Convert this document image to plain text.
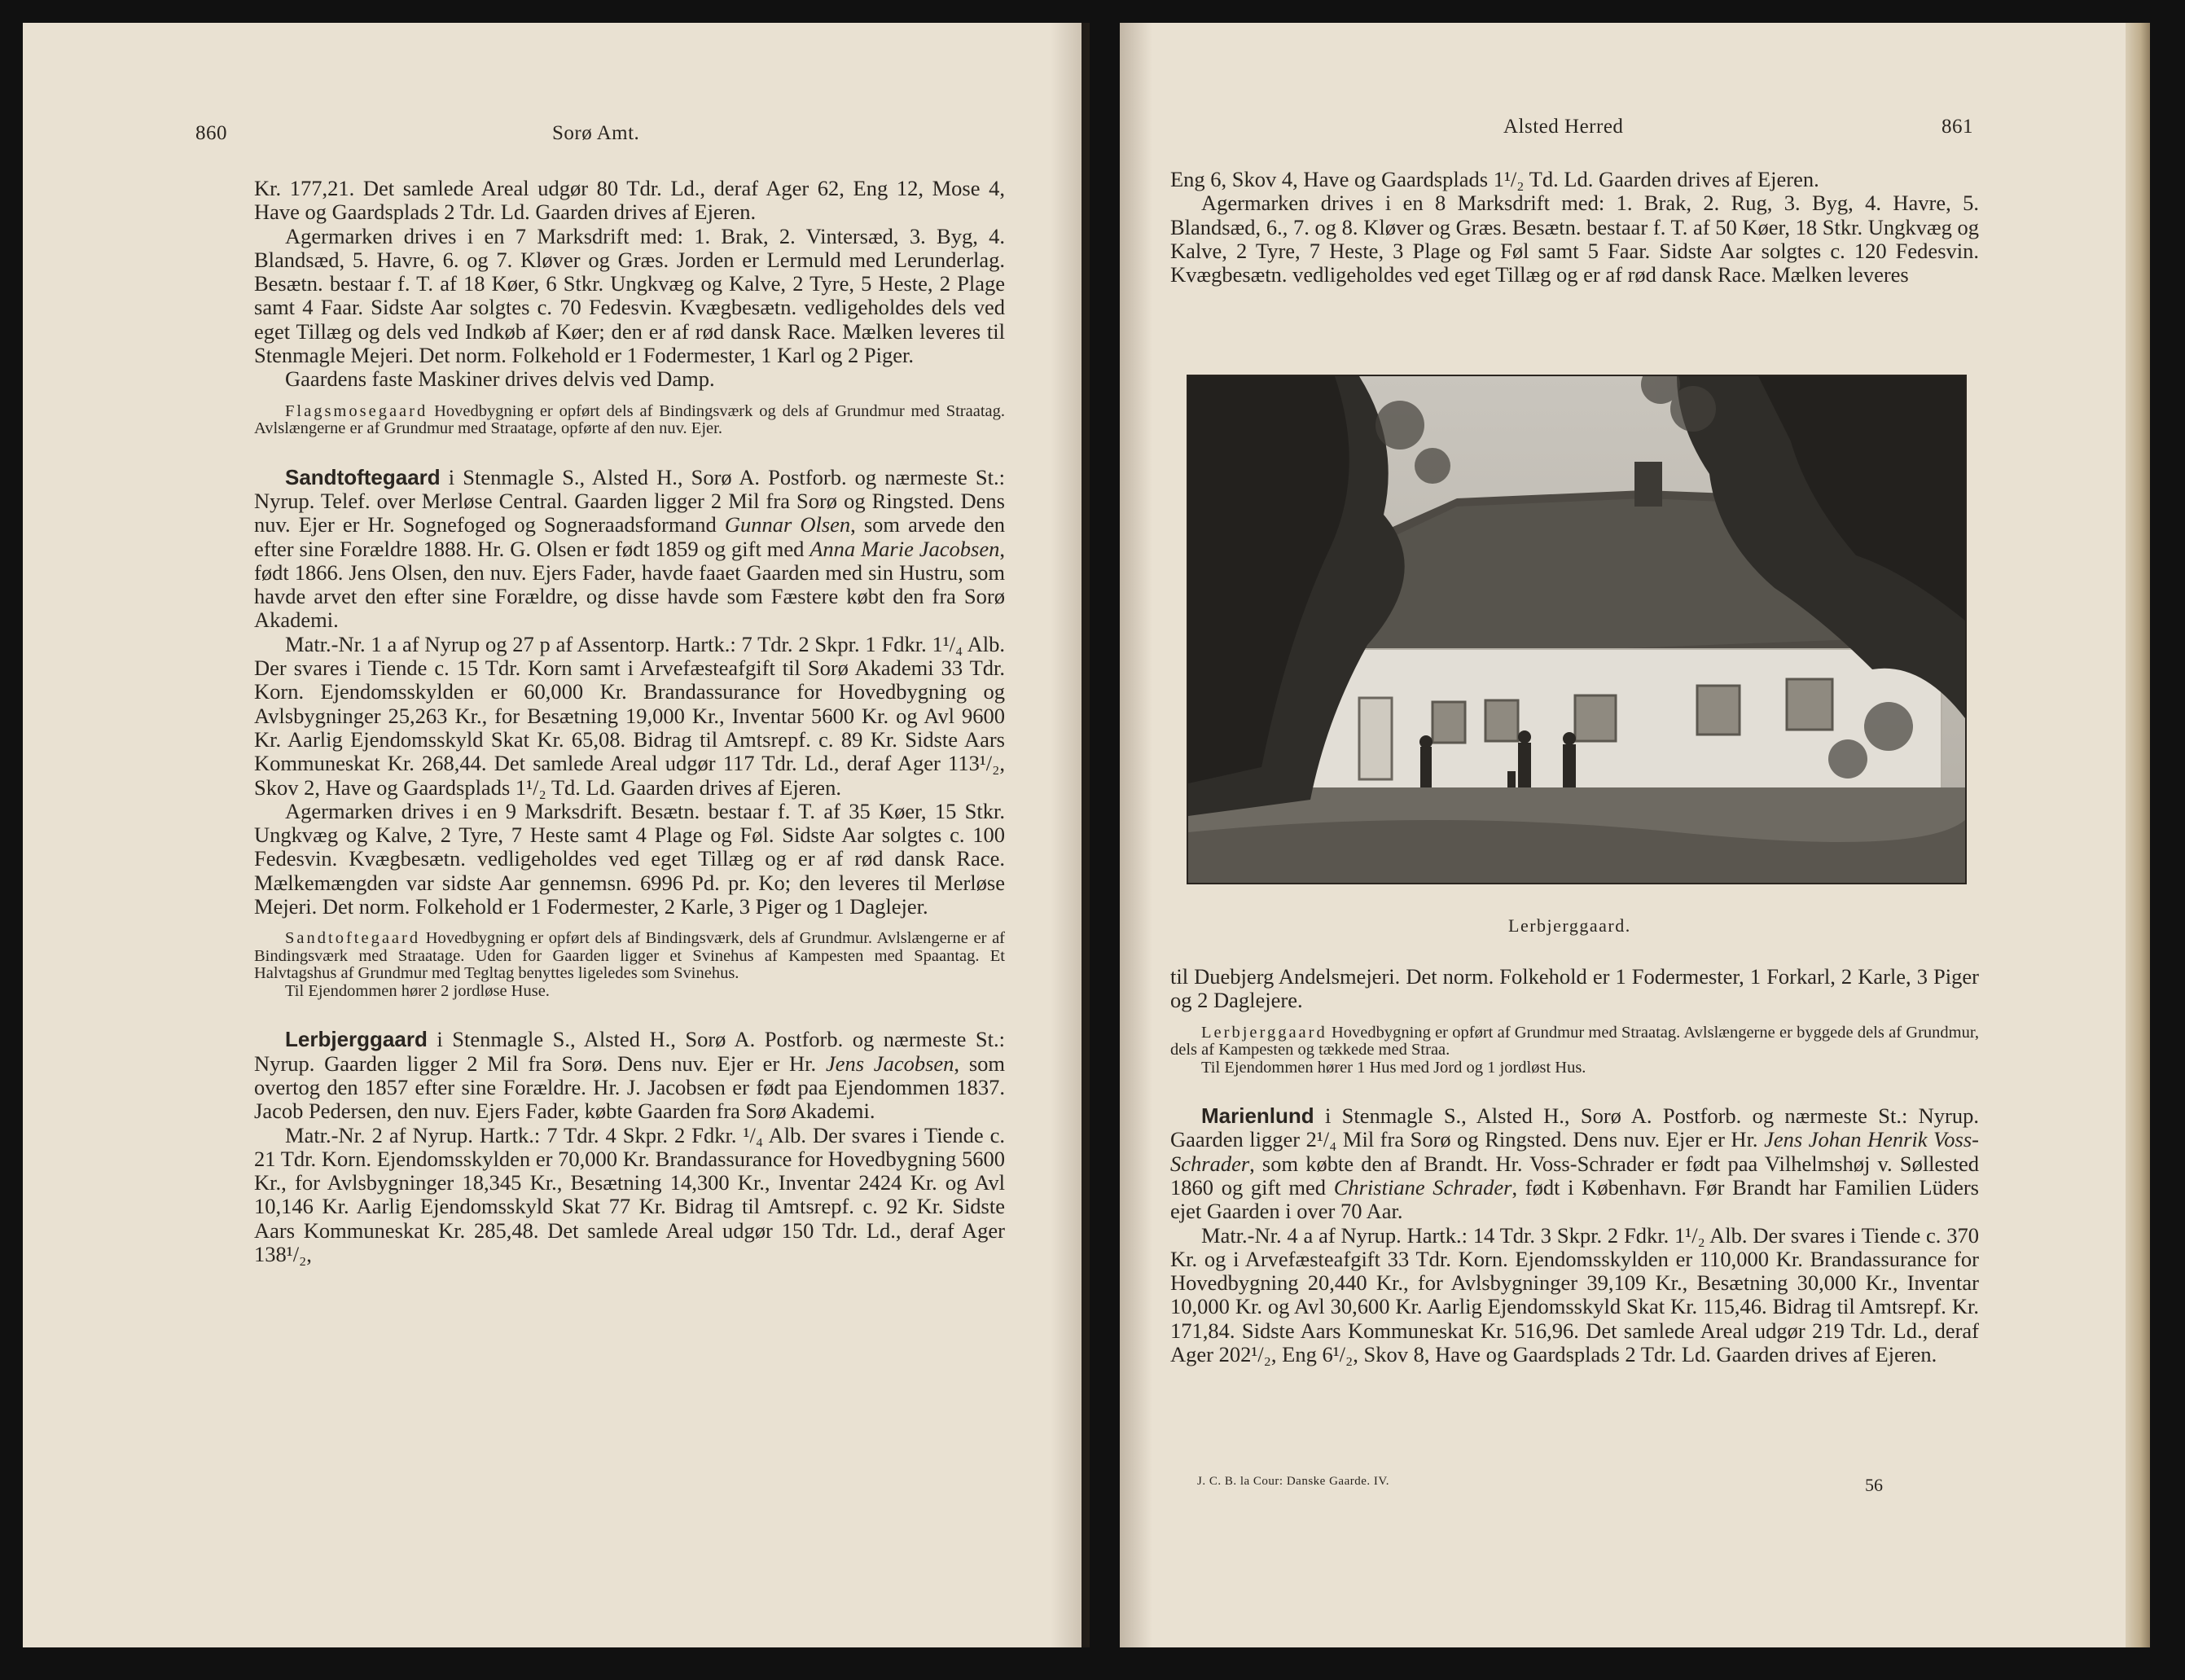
860	Sorø Amt.

Kr. 177,21. Det samlede Areal udgør 80 Tdr. Ld., deraf Ager 62, Eng 12, Mose 4, Have og Gaardsplads 2 Tdr. Ld. Gaarden drives af Ejeren.

Agermarken drives i en 7 Marksdrift med: 1. Brak, 2. Vintersæd, 3. Byg, 4. Blandsæd, 5. Havre, 6. og 7. Kløver og Græs. Jorden er Lermuld med Lerunderlag. Besætn. bestaar f. T. af 18 Køer, 6 Stkr. Ungkvæg og Kalve, 2 Tyre, 5 Heste, 2 Plage samt 4 Faar. Sidste Aar solgtes c. 70 Fedesvin. Kvægbesætn. vedligeholdes dels ved eget Tillæg og dels ved Indkøb af Køer; den er af rød dansk Race. Mælken leveres til Stenmagle Mejeri. Det norm. Folkehold er 1 Fodermester, 1 Karl og 2 Piger.

Gaardens faste Maskiner drives delvis ved Damp.

Flagsmosegaard Hovedbygning er opført dels af Bindingsværk og dels af Grundmur med Straatag. Avlslængerne er af Grundmur med Straatage, opførte af den nuv. Ejer.

Sandtoftegaard i Stenmagle S., Alsted H., Sorø A. Postforb. og nærmeste St.: Nyrup. Telef. over Merløse Central. Gaarden ligger 2 Mil fra Sorø og Ringsted. Dens nuv. Ejer er Hr. Sognefoged og Sogneraadsformand Gunnar Olsen, som arvede den efter sine Forældre 1888. Hr. G. Olsen er født 1859 og gift med Anna Marie Jacobsen, født 1866. Jens Olsen, den nuv. Ejers Fader, havde faaet Gaarden med sin Hustru, som havde arvet den efter sine Forældre, og disse havde som Fæstere købt den fra Sorø Akademi.

Matr.-Nr. 1 a af Nyrup og 27 p af Assentorp. Hartk.: 7 Tdr. 2 Skpr. 1 Fdkr. 1¹/₄ Alb. Der svares i Tiende c. 15 Tdr. Korn samt i Arvefæsteafgift til Sorø Akademi 33 Tdr. Korn. Ejendomsskylden er 60,000 Kr. Brandassurance for Hovedbygning og Avlsbygninger 25,263 Kr., for Besætning 19,000 Kr., Inventar 5600 Kr. og Avl 9600 Kr. Aarlig Ejendomsskyld Skat Kr. 65,08. Bidrag til Amtsrepf. c. 89 Kr. Sidste Aars Kommuneskat Kr. 268,44. Det samlede Areal udgør 117 Tdr. Ld., deraf Ager 113¹/₂, Skov 2, Have og Gaardsplads 1¹/₂ Td. Ld. Gaarden drives af Ejeren.

Agermarken drives i en 9 Marksdrift. Besætn. bestaar f. T. af 35 Køer, 15 Stkr. Ungkvæg og Kalve, 2 Tyre, 7 Heste samt 4 Plage og Føl. Sidste Aar solgtes c. 100 Fedesvin. Kvægbesætn. vedligeholdes ved eget Tillæg og er af rød dansk Race. Mælkemængden var sidste Aar gennemsn. 6996 Pd. pr. Ko; den leveres til Merløse Mejeri. Det norm. Folkehold er 1 Fodermester, 2 Karle, 3 Piger og 1 Daglejer.

Sandtoftegaard Hovedbygning er opført dels af Bindingsværk, dels af Grundmur. Avlslængerne er af Bindingsværk med Straatage. Uden for Gaarden ligger et Svinehus af Kampesten med Spaantag. Et Halvtagshus af Grundmur med Tegltag benyttes ligeledes som Svinehus.

Til Ejendommen hører 2 jordløse Huse.

Lerbjerggaard i Stenmagle S., Alsted H., Sorø A. Postforb. og nærmeste St.: Nyrup. Gaarden ligger 2 Mil fra Sorø. Dens nuv. Ejer er Hr. Jens Jacobsen, som overtog den 1857 efter sine Forældre. Hr. J. Jacobsen er født paa Ejendommen 1837. Jacob Pedersen, den nuv. Ejers Fader, købte Gaarden fra Sorø Akademi.

Matr.-Nr. 2 af Nyrup. Hartk.: 7 Tdr. 4 Skpr. 2 Fdkr. ¹/₄ Alb. Der svares i Tiende c. 21 Tdr. Korn. Ejendomsskylden er 70,000 Kr. Brandassurance for Hovedbygning 5600 Kr., for Avlsbygninger 18,345 Kr., Besætning 14,300 Kr., Inventar 2424 Kr. og Avl 10,146 Kr. Aarlig Ejendomsskyld Skat 77 Kr. Bidrag til Amtsrepf. c. 92 Kr. Sidste Aars Kommuneskat Kr. 285,48. Det samlede Areal udgør 150 Tdr. Ld., deraf Ager 138¹/₂,

Alsted Herred	861

Eng 6, Skov 4, Have og Gaardsplads 1¹/₂ Td. Ld. Gaarden drives af Ejeren.

Agermarken drives i en 8 Marksdrift med: 1. Brak, 2. Rug, 3. Byg, 4. Havre, 5. Blandsæd, 6., 7. og 8. Kløver og Græs. Besætn. bestaar f. T. af 50 Køer, 18 Stkr. Ungkvæg og Kalve, 2 Tyre, 7 Heste, 3 Plage og Føl samt 5 Faar. Sidste Aar solgtes c. 120 Fedesvin. Kvægbesætn. vedligeholdes ved eget Tillæg og er af rød dansk Race. Mælken leveres

Lerbjerggaard.

til Duebjerg Andelsmejeri. Det norm. Folkehold er 1 Fodermester, 1 Forkarl, 2 Karle, 3 Piger og 2 Daglejere.

Lerbjerggaard Hovedbygning er opført af Grundmur med Straatag. Avlslængerne er byggede dels af Grundmur, dels af Kampesten og tækkede med Straa.

Til Ejendommen hører 1 Hus med Jord og 1 jordløst Hus.

Marienlund i Stenmagle S., Alsted H., Sorø A. Postforb. og nærmeste St.: Nyrup. Gaarden ligger 2¹/₄ Mil fra Sorø og Ringsted. Dens nuv. Ejer er Hr. Jens Johan Henrik Voss-Schrader, som købte den af Brandt. Hr. Voss-Schrader er født paa Vilhelmshøj v. Søllested 1860 og gift med Christiane Schrader, født i København. Før Brandt har Familien Lüders ejet Gaarden i over 70 Aar.

Matr.-Nr. 4 a af Nyrup. Hartk.: 14 Tdr. 3 Skpr. 2 Fdkr. 1¹/₂ Alb. Der svares i Tiende c. 370 Kr. og i Arvefæsteafgift 33 Tdr. Korn. Ejendomsskylden er 110,000 Kr. Brandassurance for Hovedbygning 20,440 Kr., for Avlsbygninger 39,109 Kr., Besætning 30,000 Kr., Inventar 10,000 Kr. og Avl 30,600 Kr. Aarlig Ejendomsskyld Skat Kr. 115,46. Bidrag til Amtsrepf. Kr. 171,84. Sidste Aars Kommuneskat Kr. 516,96. Det samlede Areal udgør 219 Tdr. Ld., deraf Ager 202¹/₂, Eng 6¹/₂, Skov 8, Have og Gaardsplads 2 Tdr. Ld. Gaarden drives af Ejeren.

J. C. B. la Cour: Danske Gaarde. IV.	56
